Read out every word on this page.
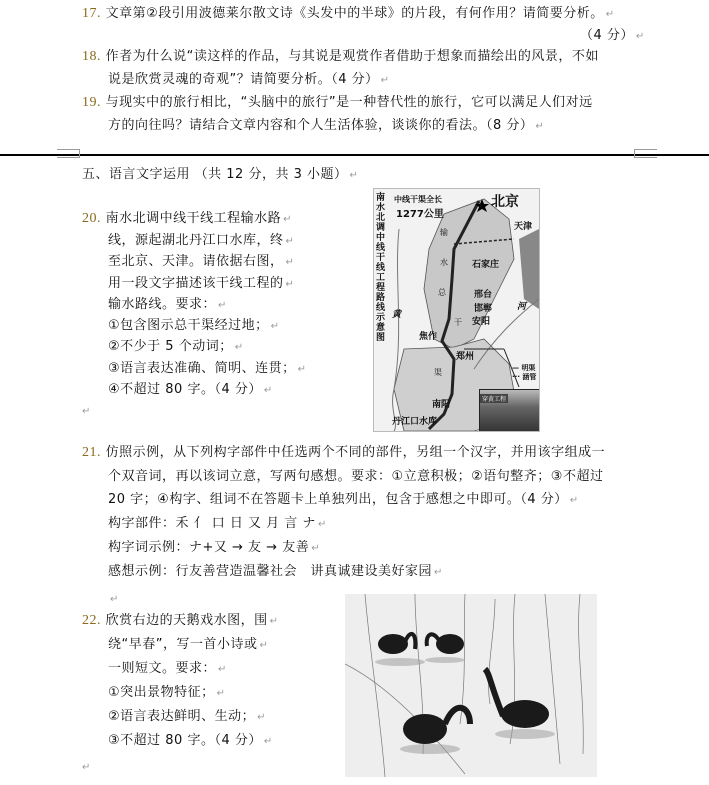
17. 文章第②段引用波德莱尔散文诗《头发中的半球》的片段，有何作用？请简要分析。 ↵
（4 分） ↵
18. 作者为什么说“读这样的作品，与其说是观赏作者借助于想象而描绘出的风景，不如
说是欣赏灵魂的奇观”？请简要分析。（4 分） ↵
19. 与现实中的旅行相比，“头脑中的旅行”是一种替代性的旅行，它可以满足人们对远
方的向往吗？请结合文章内容和个人生活体验，谈谈你的看法。（8 分） ↵
五、语言文字运用 （共 12 分，共 3 小题） ↵
20. 南水北调中线干线工程输水路 ↵
线，源起湖北丹江口水库，终 ↵
至北京、天津。请依据右图， ↵
用一段文字描述该干线工程的 ↵
输水路线。要求： ↵
①包含图示总干渠经过地； ↵
②不少于 5 个动词； ↵
③语言表达准确、简明、连贯； ↵
④不超过 80 字。（4 分） ↵
↵
南水北调中线干线工程路线示意图
中线干渠全长
1277公里
北京
天津
石家庄
邢台
邯郸
安阳
焦作
郑州
南阳
丹江口水库
输
水
总
干
渠
黄
河
— 明渠
··· 涵管
穿黄工程
21. 仿照示例，从下列构字部件中任选两个不同的部件，另组一个汉字，并用该字组成一
个双音词，再以该词立意，写两句感想。要求：①立意积极；②语句整齐；③不超过
20 字；④构字、组词不在答题卡上单独列出，包含于感想之中即可。（4 分） ↵
构字部件：禾 亻 口 日 又 月 言 ナ ↵
构字词示例：ナ+又 → 友 → 友善 ↵
感想示例：行友善营造温馨社会　讲真诚建设美好家园 ↵
↵
22. 欣赏右边的天鹅戏水图，围 ↵
绕“早春”，写一首小诗或 ↵
一则短文。要求： ↵
①突出景物特征； ↵
②语言表达鲜明、生动； ↵
③不超过 80 字。（4 分） ↵
↵
